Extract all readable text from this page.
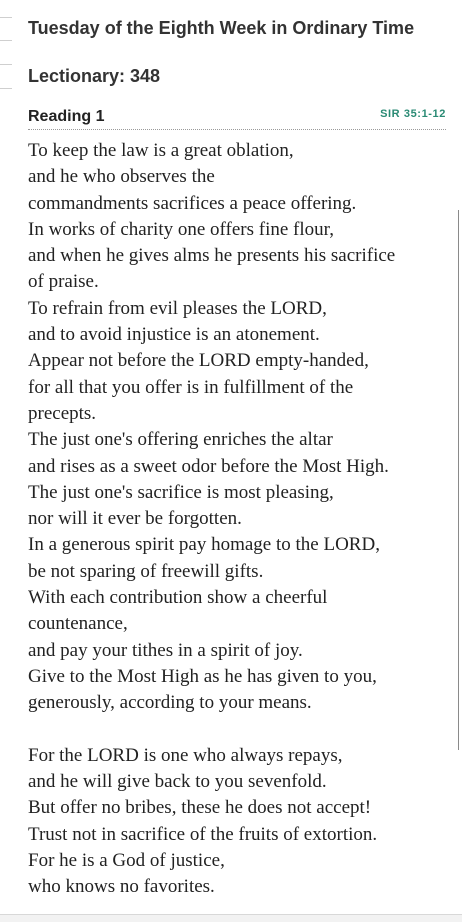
Tuesday of the Eighth Week in Ordinary Time
Lectionary: 348
Reading 1	SIR 35:1-12

To keep the law is a great oblation,
and he who observes the
commandments sacrifices a peace offering.
In works of charity one offers fine flour,
and when he gives alms he presents his sacrifice
of praise.
To refrain from evil pleases the LORD,
and to avoid injustice is an atonement.
Appear not before the LORD empty-handed,
for all that you offer is in fulfillment of the
precepts.
The just one's offering enriches the altar
and rises as a sweet odor before the Most High.
The just one's sacrifice is most pleasing,
nor will it ever be forgotten.
In a generous spirit pay homage to the LORD,
be not sparing of freewill gifts.
With each contribution show a cheerful
countenance,
and pay your tithes in a spirit of joy.
Give to the Most High as he has given to you,
generously, according to your means.

For the LORD is one who always repays,
and he will give back to you sevenfold.
But offer no bribes, these he does not accept!
Trust not in sacrifice of the fruits of extortion.
For he is a God of justice,
who knows no favorites.
